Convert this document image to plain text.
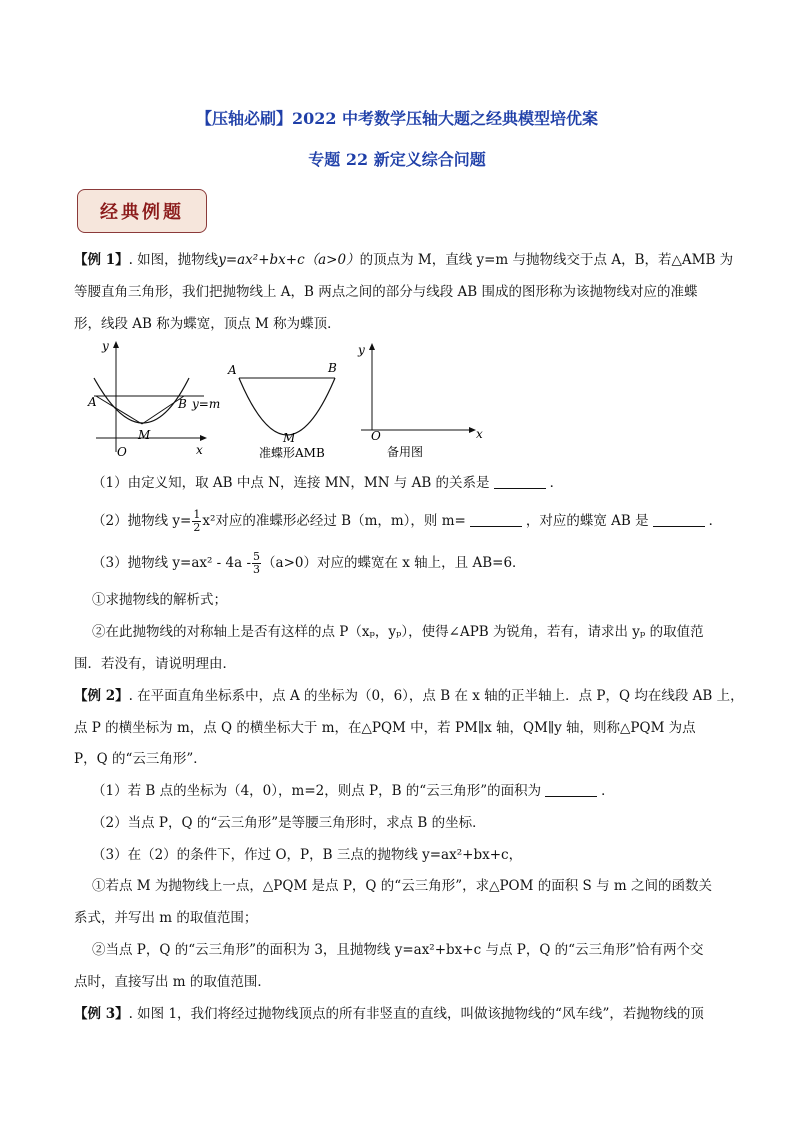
【压轴必刷】2022 中考数学压轴大题之经典模型培优案
专题 22 新定义综合问题
经典例题
【例 1】. 如图，抛物线y=ax²+bx+c（a>0）的顶点为 M，直线 y=m 与抛物线交于点 A，B，若△AMB 为
等腰直角三角形，我们把抛物线上 A，B 两点之间的部分与线段 AB 围成的图形称为该抛物线对应的准蝶
形，线段 AB 称为蝶宽，顶点 M 称为蝶顶．
y
x
O
A	B y=m
M
A	B
M
准蝶形AMB
y
x
O
备用图
（1）由定义知，取 AB 中点 N，连接 MN，MN 与 AB 的关系是	．
（2）抛物线 $y= \frac{1}{2} x^2$对应的准蝶形必经过 B（m，m），则 m=	，对应的蝶宽 AB 是	．
（3）抛物线 $y=ax^2 - 4a - \frac{5}{3} (a>0)$对应的蝶宽在 x 轴上，且 AB=6．
①求抛物线的解析式；
②在此抛物线的对称轴上是否有这样的点 P（xₚ，yₚ），使得∠APB 为锐角，若有，请求出 yₚ 的取值范
围．若没有，请说明理由．
【例 2】. 在平面直角坐标系中，点 A 的坐标为（0，6），点 B 在 x 轴的正半轴上．点 P，Q 均在线段 AB 上，
点 P 的横坐标为 m，点 Q 的横坐标大于 m，在△PQM 中，若 PM∥x 轴，QM∥y 轴，则称△PQM 为点
P，Q 的“云三角形”．
（1）若 B 点的坐标为（4，0），m=2，则点 P，B 的“云三角形”的面积为	．
（2）当点 P，Q 的“云三角形”是等腰三角形时，求点 B 的坐标．
（3）在（2）的条件下，作过 O，P，B 三点的抛物线 y=ax²+bx+c，
①若点 M 为抛物线上一点，△PQM 是点 P，Q 的“云三角形”，求△POM 的面积 S 与 m 之间的函数关
系式，并写出 m 的取值范围；
②当点 P，Q 的“云三角形”的面积为 3，且抛物线 y=ax²+bx+c 与点 P，Q 的“云三角形”恰有两个交
点时，直接写出 m 的取值范围．
【例 3】. 如图 1，我们将经过抛物线顶点的所有非竖直的直线，叫做该抛物线的“风车线”，若抛物线的顶
